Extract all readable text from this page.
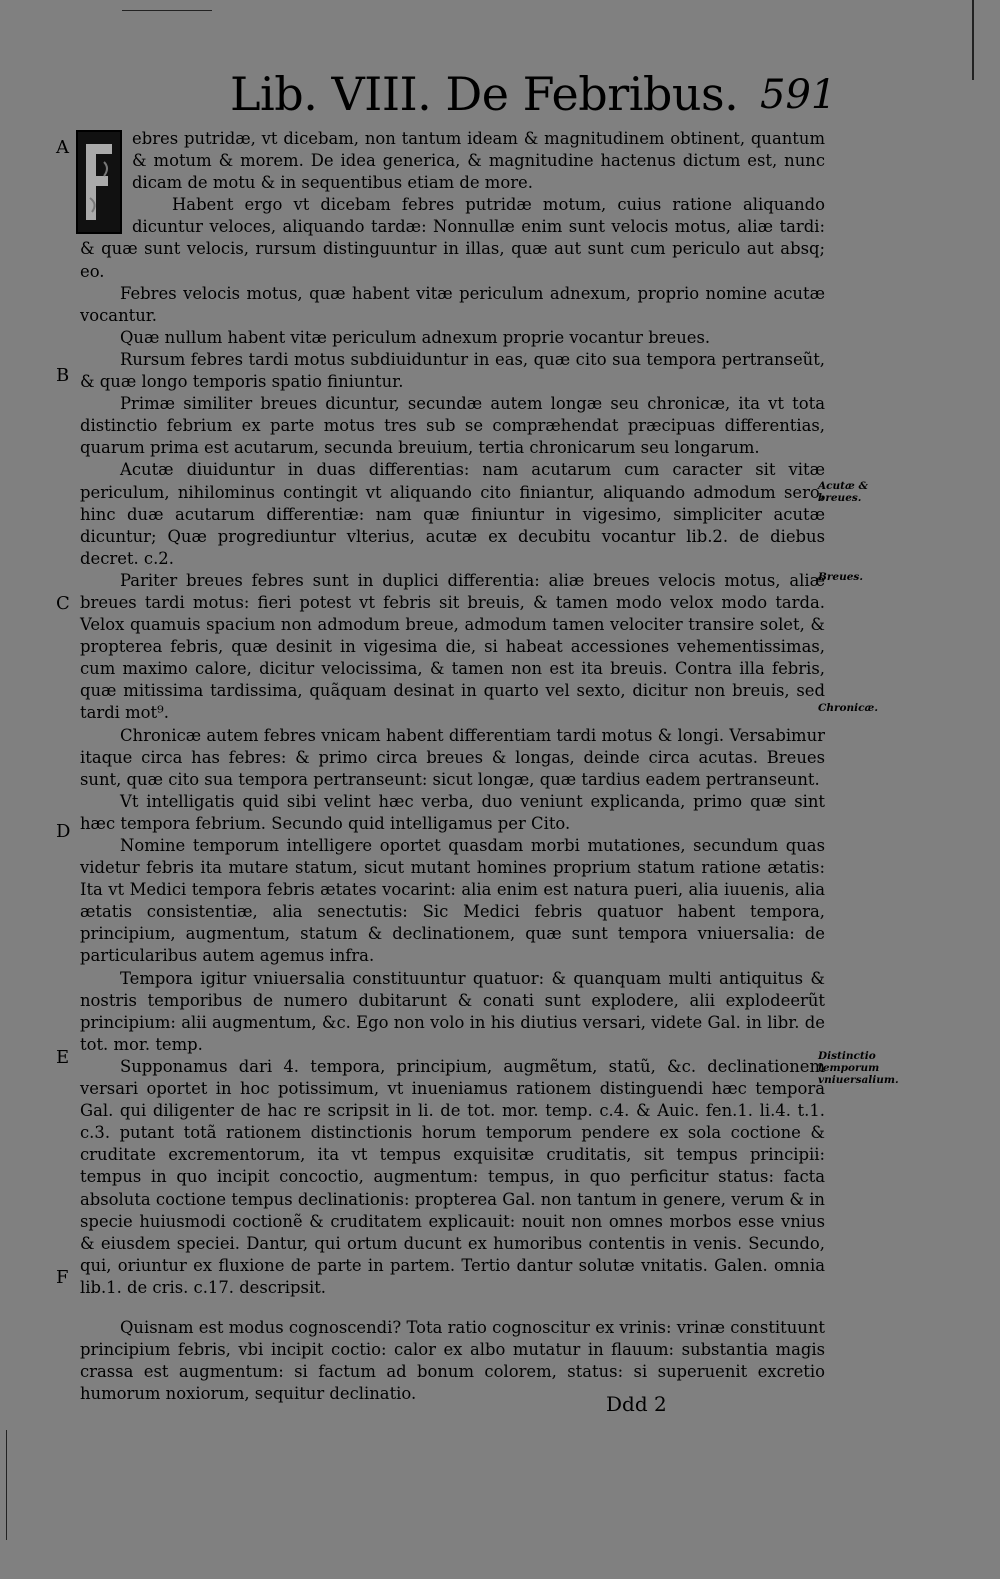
Lib. VIII. De Febribus. 591
A
B
C
D
E
F
Acutæ & breues.
Breues.
Chronicæ.
Distinctio temporum vniuersalium.

ebres putridæ, vt dicebam, non tantum ideam & magnitudinem obtinent, quantum & motum & morem. De idea generica, & magnitudine hactenus dictum est, nunc dicam de motu & in sequentibus etiam de more.

Habent ergo vt dicebam febres putridæ motum, cuius ratione aliquando dicuntur veloces, aliquando tardæ: Nonnullæ enim sunt velocis motus, aliæ tardi: & quæ sunt velocis, rursum distinguuntur in illas, quæ aut sunt cum periculo aut absq; eo.

Febres velocis motus, quæ habent vitæ periculum adnexum, proprio nomine acutæ vocantur.

Quæ nullum habent vitæ periculum adnexum proprie vocantur breues.

Rursum febres tardi motus subdiuiduntur in eas, quæ cito sua tempora pertranseũt, & quæ longo temporis spatio finiuntur.

Primæ similiter breues dicuntur, secundæ autem longæ seu chronicæ, ita vt tota distinctio febrium ex parte motus tres sub se compræhendat præcipuas differentias, quarum prima est acutarum, secunda breuium, tertia chronicarum seu longarum.

Acutæ diuiduntur in duas differentias: nam acutarum cum caracter sit vitæ periculum, nihilominus contingit vt aliquando cito finiantur, aliquando admodum sero, hinc duæ acutarum differentiæ: nam quæ finiuntur in vigesimo, simpliciter acutæ dicuntur; Quæ progrediuntur vlterius, acutæ ex decubitu vocantur lib.2. de diebus decret. c.2.

Pariter breues febres sunt in duplici differentia: aliæ breues velocis motus, aliæ breues tardi motus: fieri potest vt febris sit breuis, & tamen modo velox modo tarda. Velox quamuis spacium non admodum breue, admodum tamen velociter transire solet, & propterea febris, quæ desinit in vigesima die, si habeat accessiones vehementissimas, cum maximo calore, dicitur velocissima, & tamen non est ita breuis. Contra illa febris, quæ mitissima tardissima, quãquam desinat in quarto vel sexto, dicitur non breuis, sed tardi mot⁹.

Chronicæ autem febres vnicam habent differentiam tardi motus & longi. Versabimur itaque circa has febres: & primo circa breues & longas, deinde circa acutas. Breues sunt, quæ cito sua tempora pertranseunt: sicut longæ, quæ tardius eadem pertranseunt.

Vt intelligatis quid sibi velint hæc verba, duo veniunt explicanda, primo quæ sint hæc tempora febrium. Secundo quid intelligamus per Cito.

Nomine temporum intelligere oportet quasdam morbi mutationes, secundum quas videtur febris ita mutare statum, sicut mutant homines proprium statum ratione ætatis: Ita vt Medici tempora febris ætates vocarint: alia enim est natura pueri, alia iuuenis, alia ætatis consistentiæ, alia senectutis: Sic Medici febris quatuor habent tempora, principium, augmentum, statum & declinationem, quæ sunt tempora vniuersalia: de particularibus autem agemus infra.

Tempora igitur vniuersalia constituuntur quatuor: & quanquam multi antiquitus & nostris temporibus de numero dubitarunt & conati sunt explodere, alii explodeerũt principium: alii augmentum, &c. Ego non volo in his diutius versari, videte Gal. in libr. de tot. mor. temp.

Supponamus dari 4. tempora, principium, augmẽtum, statũ, &c. declinationem versari oportet in hoc potissimum, vt inueniamus rationem distinguendi hæc tempora Gal. qui diligenter de hac re scripsit in li. de tot. mor. temp. c.4. & Auic. fen.1. li.4. t.1. c.3. putant totã rationem distinctionis horum temporum pendere ex sola coctione & cruditate excrementorum, ita vt tempus exquisitæ cruditatis, sit tempus principii: tempus in quo incipit concoctio, augmentum: tempus, in quo perficitur status: facta absoluta coctione tempus declinationis: propterea Gal. non tantum in genere, verum & in specie huiusmodi coctionẽ & cruditatem explicauit: nouit non omnes morbos esse vnius & eiusdem speciei. Dantur, qui ortum ducunt ex humoribus contentis in venis. Secundo, qui, oriuntur ex fluxione de parte in partem. Tertio dantur solutæ vnitatis. Galen. omnia lib.1. de cris. c.17. descripsit.

Quisnam est modus cognoscendi? Tota ratio cognoscitur ex vrinis: vrinæ constituunt principium febris, vbi incipit coctio: calor ex albo mutatur in flauum: substantia magis crassa est augmentum: si factum ad bonum colorem, status: si superuenit excretio humorum noxiorum, sequitur declinatio.	Ddd 2
